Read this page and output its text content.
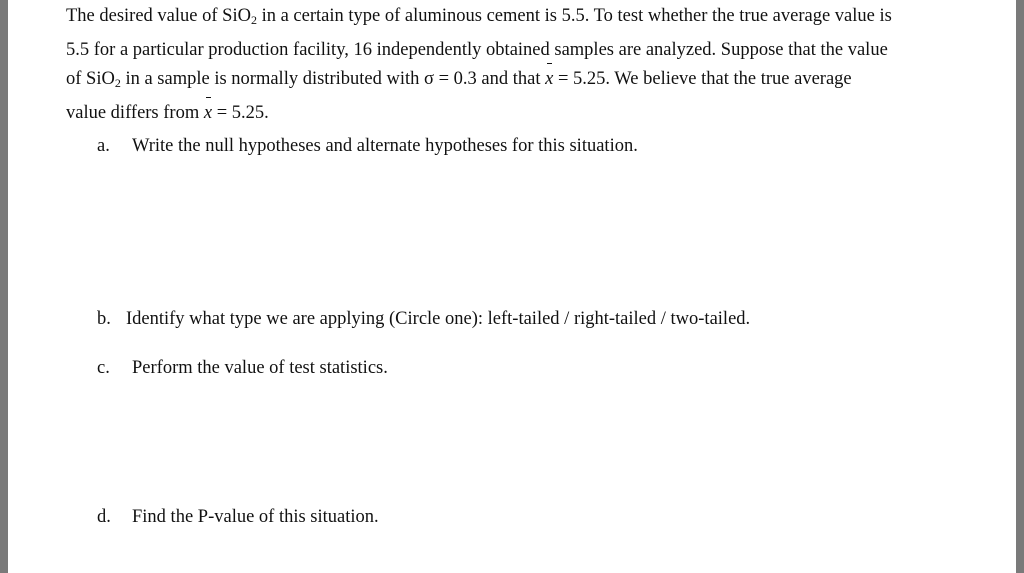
The desired value of SiO$_2$ in a certain type of aluminous cement is 5.5. To test whether the true average value is
5.5 for a particular production facility, 16 independently obtained samples are analyzed. Suppose that the value
of SiO$_2$ in a sample is normally distributed with σ = 0.3 and that x = 5.25. We believe that the true average
value differs from x = 5.25.
a. Write the null hypotheses and alternate hypotheses for this situation.
b. Identify what type we are applying (Circle one): left-tailed / right-tailed / two-tailed.
c. Perform the value of test statistics.
d. Find the P-value of this situation.
